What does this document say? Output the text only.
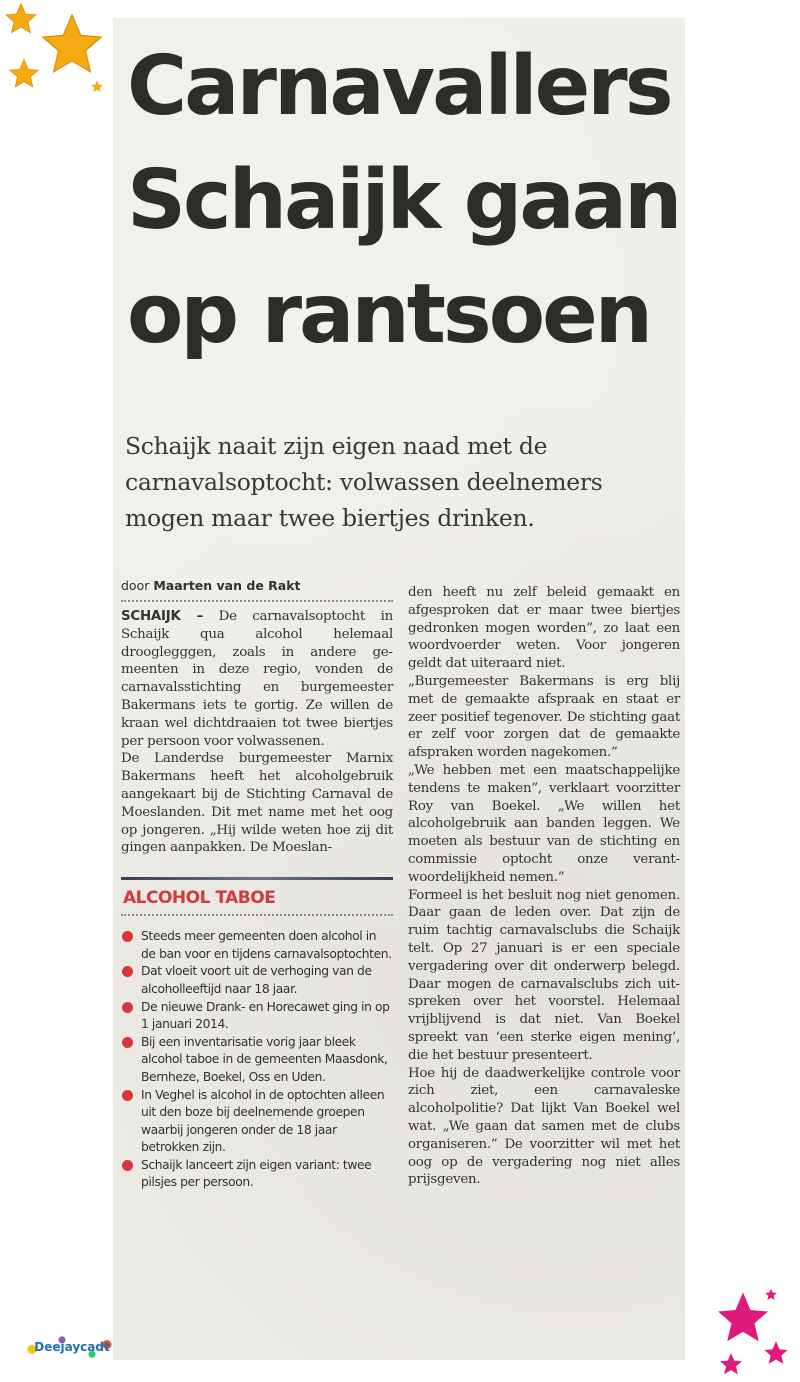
Deejaycadt
Carnavallers
Schaijk gaan
op rantsoen
Schaijk naait zijn eigen naad met de
carnavalsoptocht: volwassen deelnemers
mogen maar twee biertjes drinken.
door Maarten van de Rakt

SCHAIJK – De carnavalsoptocht in Schaijk qua alcohol helemaal drooglegggen, zoals in andere gemeenten in deze regio, vonden de carnavalsstichting en burgemeester Bakermans iets te gortig. Ze willen de kraan wel dichtdraaien tot twee biertjes per persoon voor volwassenen.

De Landerdse burgemeester Marnix Bakermans heeft het alcoholgebruik aangekaart bij de Stichting Carnaval de Moeslanden. Dit met name met het oog op jongeren. „Hij wilde weten hoe zij dit gingen aanpakken. De Moeslan-

ALCOHOL TABOE
Steeds meer gemeenten doen alcohol in de ban voor en tijdens carnavalsoptochten.
Dat vloeit voort uit de verhoging van de alcoholleeftijd naar 18 jaar.
De nieuwe Drank- en Horecawet ging in op 1 januari 2014.
Bij een inventarisatie vorig jaar bleek alcohol taboe in de gemeenten Maasdonk, Bernheze, Boekel, Oss en Uden.
In Veghel is alcohol in de optochten alleen uit den boze bij deelnemende groepen waarbij jongeren onder de 18 jaar betrokken zijn.
Schaijk lanceert zijn eigen variant: twee pilsjes per persoon.

den heeft nu zelf beleid gemaakt en afgesproken dat er maar twee biertjes gedronken mogen worden”, zo laat een woordvoerder weten. Voor jongeren geldt dat uiteraard niet.

„Burgemeester Bakermans is erg blij met de gemaakte afspraak en staat er zeer positief tegenover. De stichting gaat er zelf voor zorgen dat de gemaakte afspraken worden nagekomen.”

„We hebben met een maatschappelijke tendens te maken”, verklaart voorzitter Roy van Boekel. „We willen het alcoholgebruik aan banden leggen. We moeten als bestuur van de stichting en commissie optocht onze verantwoordelijkheid nemen.”

Formeel is het besluit nog niet genomen. Daar gaan de leden over. Dat zijn de ruim tachtig carnavalsclubs die Schaijk telt. Op 27 januari is er een speciale vergadering over dit onderwerp belegd. Daar mogen de carnavalsclubs zich uitspreken over het voorstel. Helemaal vrijblijvend is dat niet. Van Boekel spreekt van ‘een sterke eigen mening’, die het bestuur presenteert.

Hoe hij de daadwerkelijke controle voor zich ziet, een carnavaleske alcoholpolitie? Dat lijkt Van Boekel wel wat. „We gaan dat samen met de clubs organiseren.” De voorzitter wil met het oog op de vergadering nog niet alles prijsgeven.
